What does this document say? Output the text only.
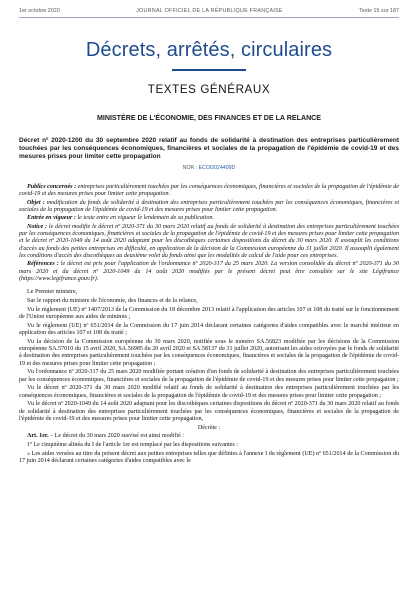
1er octobre 2020	JOURNAL OFFICIEL DE LA RÉPUBLIQUE FRANÇAISE	Texte 15 sur 187
Décrets, arrêtés, circulaires
TEXTES GÉNÉRAUX
MINISTÈRE DE L'ÉCONOMIE, DES FINANCES ET DE LA RELANCE
Décret nº 2020-1200 du 30 septembre 2020 relatif au fonds de solidarité à destination des entreprises particulièrement touchées par les conséquences économiques, financières et sociales de la propagation de l'épidémie de covid-19 et des mesures prises pour limiter cette propagation
NOR : ECOI2024409D

Publics concernés : entreprises particulièrement touchées par les conséquences économiques, financières et sociales de la propagation de l'épidémie de covid-19 et des mesures prises pour limiter cette propagation.

Objet : modification du fonds de solidarité à destination des entreprises particulièrement touchées par les conséquences économiques, financières et sociales de la propagation de l'épidémie de covid-19 et des mesures prises pour limiter cette propagation.

Entrée en vigueur : le texte entre en vigueur le lendemain de sa publication.

Notice : le décret modifie le décret nº 2020-371 du 30 mars 2020 relatif au fonds de solidarité à destination des entreprises particulièrement touchées par les conséquences économiques, financières et sociales de la propagation de l'épidémie de covid-19 et des mesures prises pour limiter cette propagation et le décret nº 2020-1049 du 14 août 2020 adaptant pour les discothèques certaines dispositions du décret du 30 mars 2020. Il assouplit les conditions d'accès au fonds des petites entreprises en difficulté, en application de la décision de la Commission européenne du 31 juillet 2020. Il assouplit également les conditions d'accès des discothèques au deuxième volet du fonds ainsi que les modalités de calcul de l'aide pour ces entreprises.

Références : le décret est pris pour l'application de l'ordonnance nº 2020-317 du 25 mars 2020. La version consolidée du décret nº 2020-371 du 30 mars 2020 et du décret nº 2020-1049 du 14 août 2020 modifiés par le présent décret peut être consultée sur le site Légifrance (https://www.legifrance.gouv.fr).

Le Premier ministre,

Sur le rapport du ministre de l'économie, des finances et de la relance,

Vu le règlement (UE) nº 1407/2013 de la Commission du 18 décembre 2013 relatif à l'application des articles 107 et 108 du traité sur le fonctionnement de l'Union européenne aux aides de minimis ;

Vu le règlement (UE) nº 651/2014 de la Commission du 17 juin 2014 déclarant certaines catégories d'aides compatibles avec le marché intérieur en application des articles 107 et 108 du traité ;

Vu la décision de la Commission européenne du 30 mars 2020, notifiée sous le numéro SA.56823 modifiée par les décisions de la Commission européenne SA.57010 du 15 avril 2020, SA.56985 du 20 avril 2020 et SA.58137 du 31 juillet 2020, autorisant les aides octroyées par le fonds de solidarité à destination des entreprises particulièrement touchées par les conséquences économiques, financières et sociales de la propagation de l'épidémie de covid-19 et des mesures prises pour limiter cette propagation ;

Vu l'ordonnance nº 2020-317 du 25 mars 2020 modifiée portant création d'un fonds de solidarité à destination des entreprises particulièrement touchées par les conséquences économiques, financières et sociales de la propagation de l'épidémie de covid-19 et des mesures prises pour limiter cette propagation ;

Vu le décret nº 2020-371 du 30 mars 2020 modifié relatif au fonds de solidarité à destination des entreprises particulièrement touchées par les conséquences économiques, financières et sociales de la propagation de l'épidémie de covid-19 et des mesures prises pour limiter cette propagation ;

Vu le décret nº 2020-1049 du 14 août 2020 adaptant pour les discothèques certaines dispositions du décret nº 2020-371 du 30 mars 2020 relatif au fonds de solidarité à destination des entreprises particulièrement touchées par les conséquences économiques, financières et sociales de la propagation de l'épidémie de covid-19 et des mesures prises pour limiter cette propagation,

Décrète :

Art. 1er. – Le décret du 30 mars 2020 susvisé est ainsi modifié :

1º Le cinquième alinéa du I de l'article 1er est remplacé par les dispositions suivantes :

« Les aides versées au titre du présent décret aux petites entreprises telles que définies à l'annexe I du règlement (UE) nº 651/2014 de la Commission du 17 juin 2014 déclarant certaines catégories d'aides compatibles avec le
